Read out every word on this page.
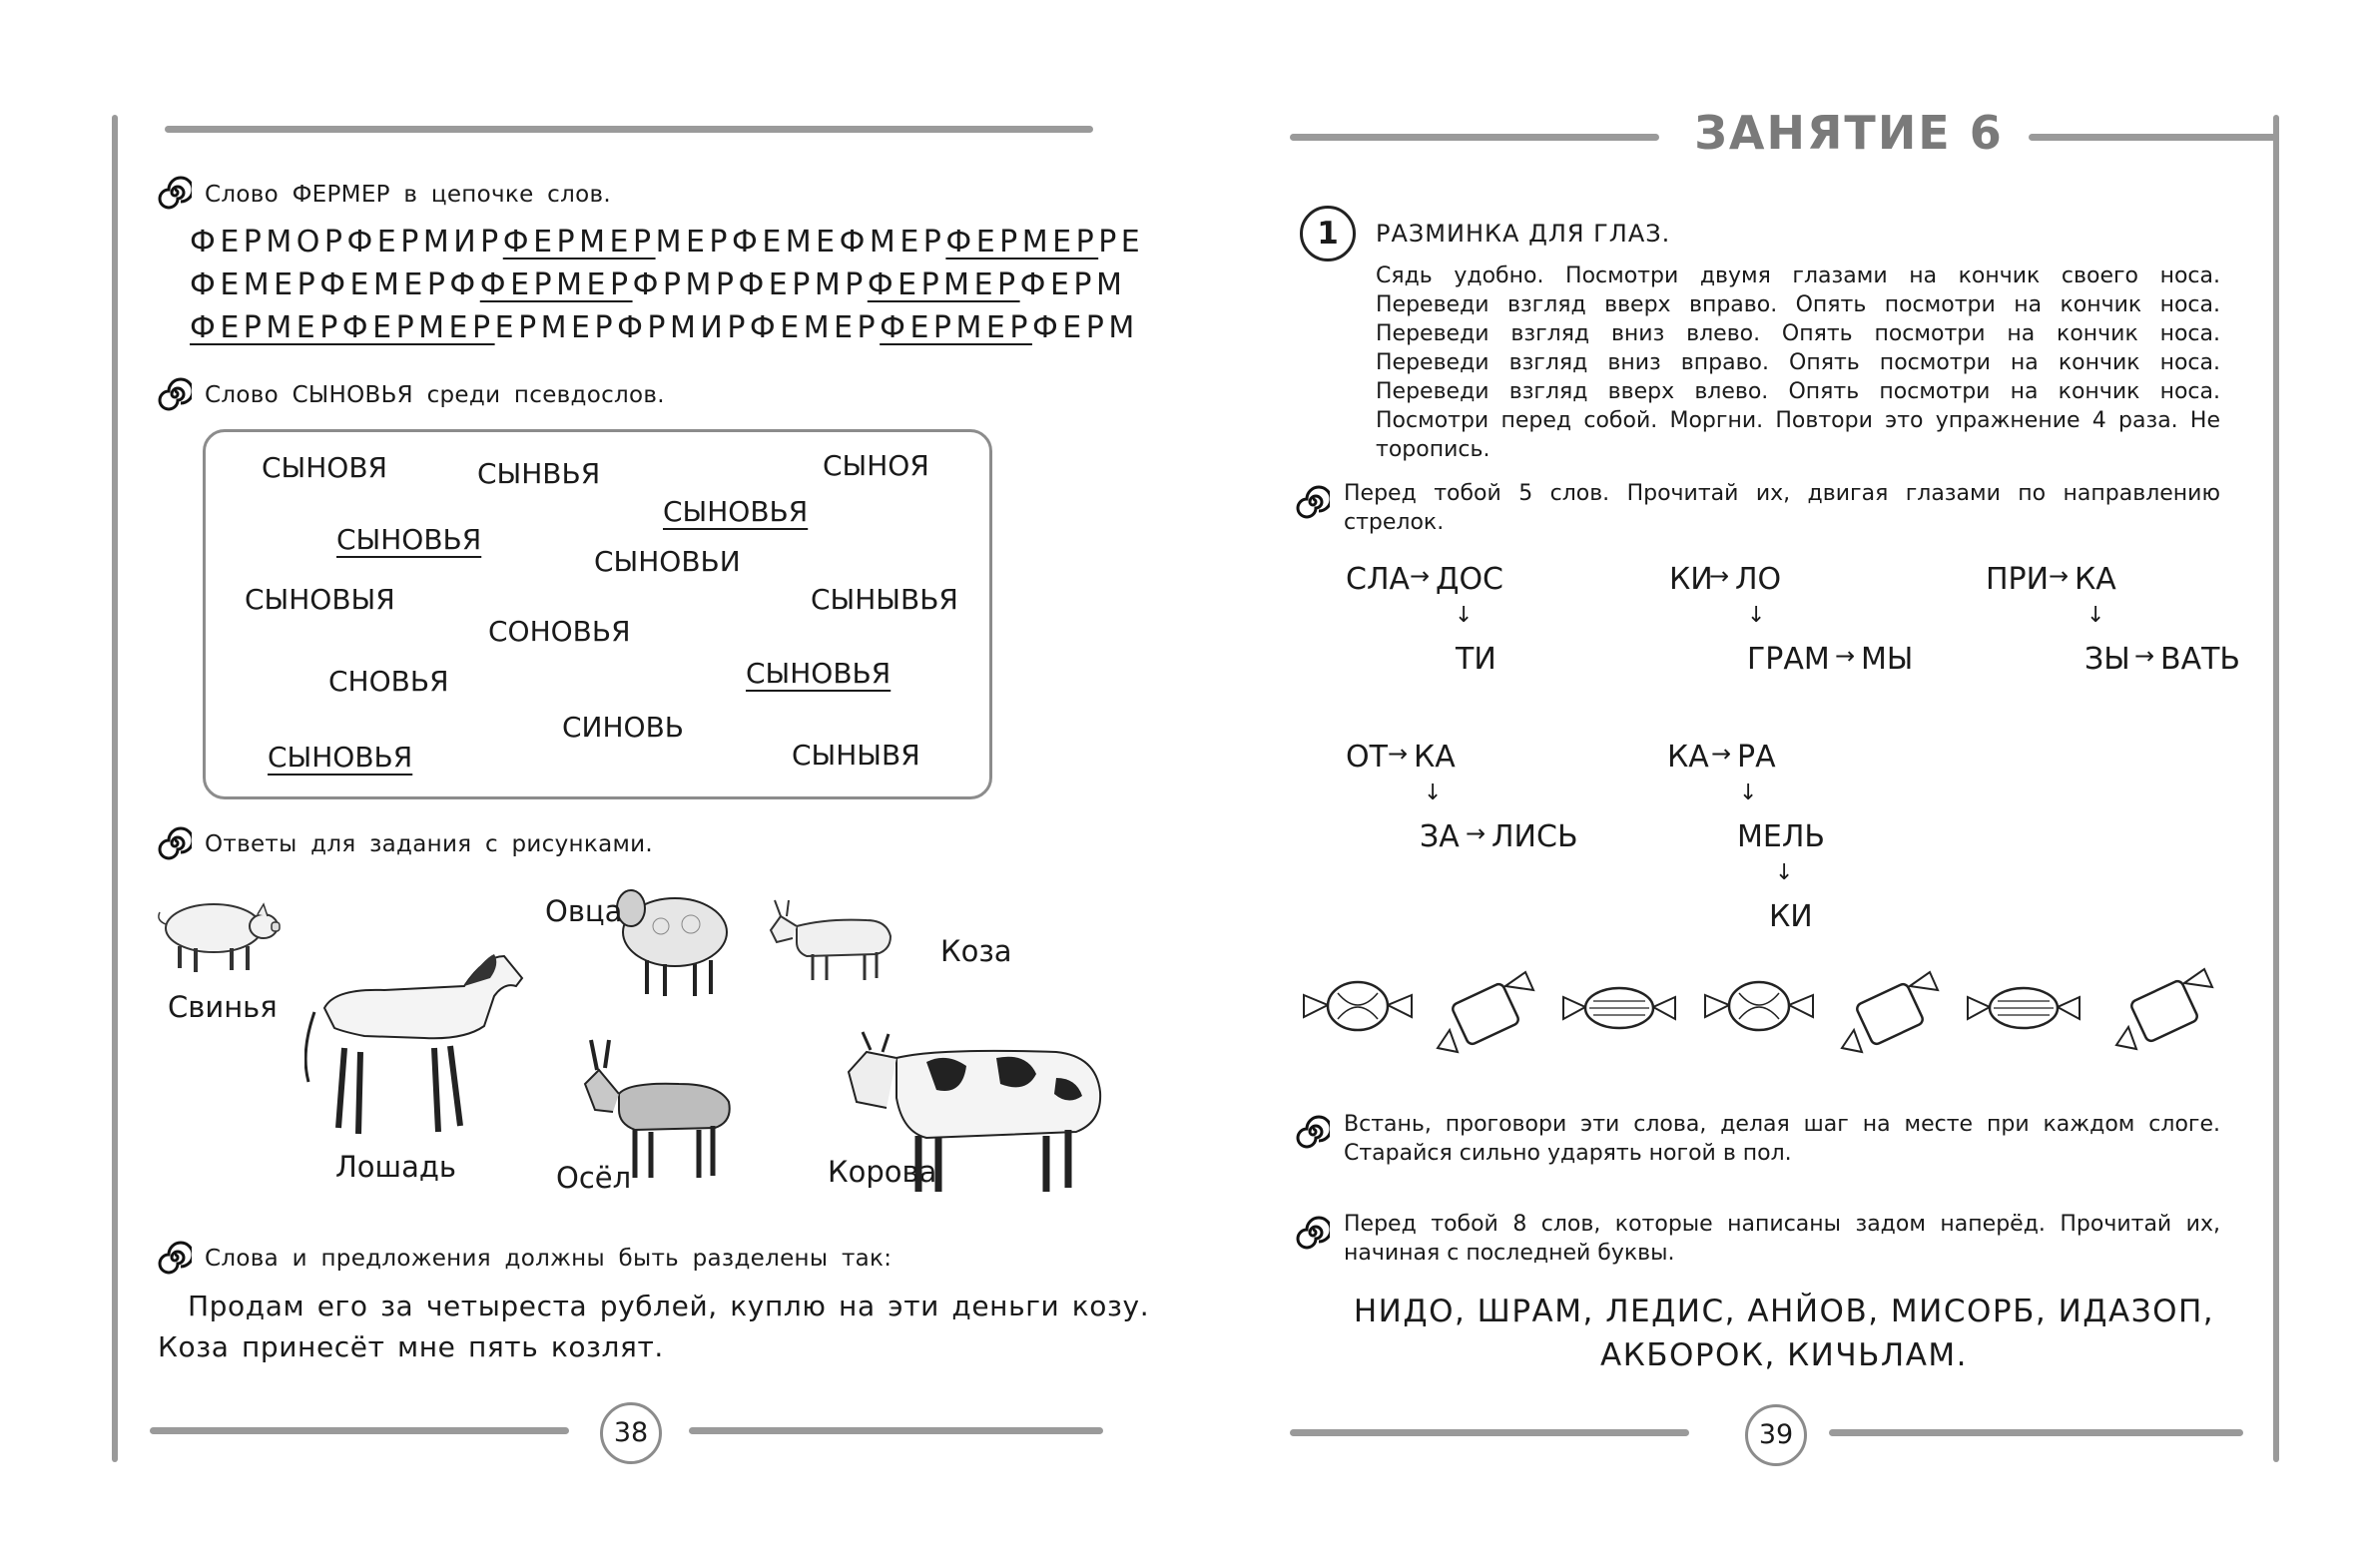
38
Слово ФЕРМЕР в цепочке слов.
ФЕРМОРФЕРМИРФЕРМЕРМЕРФЕМЕФМЕРФЕРМЕРРЕ
ФЕМЕРФЕМЕРФФЕРМЕРФРМРФЕРМРФЕРМЕРФЕРМ
ФЕРМЕРФЕРМЕРЕРМЕРФРМИРФЕМЕРФЕРМЕРФЕРМ
Слово СЫНОВЬЯ среди псевдослов.
СЫНОВЯ	СЫНВЬЯ	СЫНОЯ
СЫНОВЬЯ
СЫНОВЬЯ
СЫНОВЬИ
СЫНОВЫЯ	СЫНЫВЬЯ
СОНОВЬЯ
СНОВЬЯ	СЫНОВЬЯ
СИНОВЬ
СЫНОВЬЯ	СЫНЫВЯ
Ответы для задания с рисунками.
Свинья
Лошадь
Овца
Коза
Осёл	Корова
Слова и предложения должны быть разделены так:
Продам его за четыреста рублей, куплю на эти деньги козу.
Коза принесёт мне пять козлят.
ЗАНЯТИЕ 6
39
1	РАЗМИНКА ДЛЯ ГЛАЗ.
Сядь удобно. Посмотри двумя глазами на кончик своего носа. Переведи взгляд вверх вправо. Опять посмотри на кончик носа. Переведи взгляд вниз влево. Опять посмотри на кончик носа. Переведи взгляд вниз вправо. Опять посмотри на кончик носа. Переведи взгляд вверх влево. Опять посмотри на кончик носа. Посмотри перед собой. Моргни. Повтори это упражнение 4 раза. Не торопись.
Перед тобой 5 слов. Прочитай их, двигая глазами по направлению стрелок.
СЛА → ДОС
↓
ТИ
КИ
→ ЛО
↓
ГРАМ → МЫ
ПРИ → КА
↓
ЗЫ → ВАТЬ
ОТ → КА
↓
ЗА → ЛИСЬ
КА → РА
↓
МЕЛЬ
↓
КИ
Встань, проговори эти слова, делая шаг на месте при каждом слоге. Старайся сильно ударять ногой в пол.
Перед тобой 8 слов, которые написаны задом наперёд. Прочитай их, начиная с последней буквы.
НИДО, ШРАМ, ЛЕДИС, АНЙОВ, МИСОРБ, ИДАЗОП,
АКБОРОК, КИЧЬЛАМ.
